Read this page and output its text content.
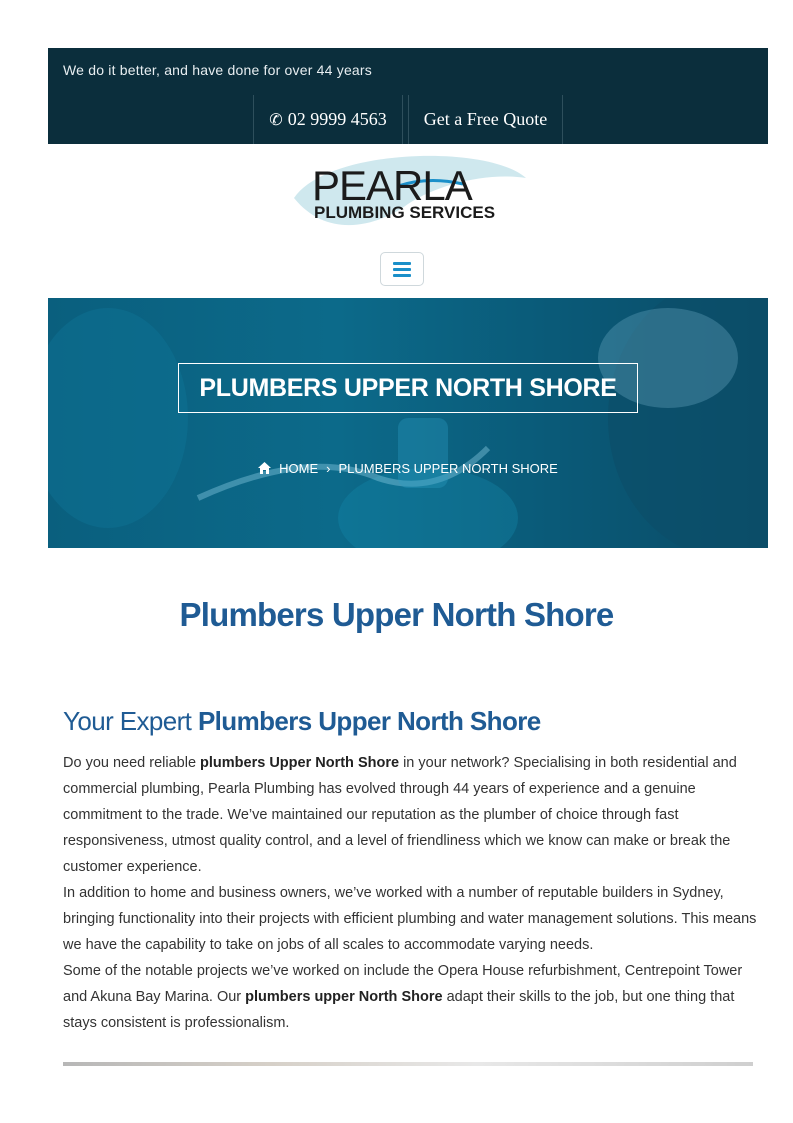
We do it better, and have done for over 44 years
✆ 02 9999 4563	Get a Free Quote
PEARLA
PLUMBING SERVICES
PLUMBERS UPPER NORTH SHORE
HOME › PLUMBERS UPPER NORTH SHORE
Plumbers Upper North Shore
Your Expert Plumbers Upper North Shore

Do you need reliable plumbers Upper North Shore in your network? Specialising in both residential and commercial plumbing, Pearla Plumbing has evolved through 44 years of experience and a genuine commitment to the trade. We’ve maintained our reputation as the plumber of choice through fast responsiveness, utmost quality control, and a level of friendliness which we know can make or break the customer experience.

In addition to home and business owners, we’ve worked with a number of reputable builders in Sydney, bringing functionality into their projects with efficient plumbing and water management solutions. This means we have the capability to take on jobs of all scales to accommodate varying needs.

Some of the notable projects we’ve worked on include the Opera House refurbishment, Centrepoint Tower and Akuna Bay Marina. Our plumbers upper North Shore adapt their skills to the job, but one thing that stays consistent is professionalism.
